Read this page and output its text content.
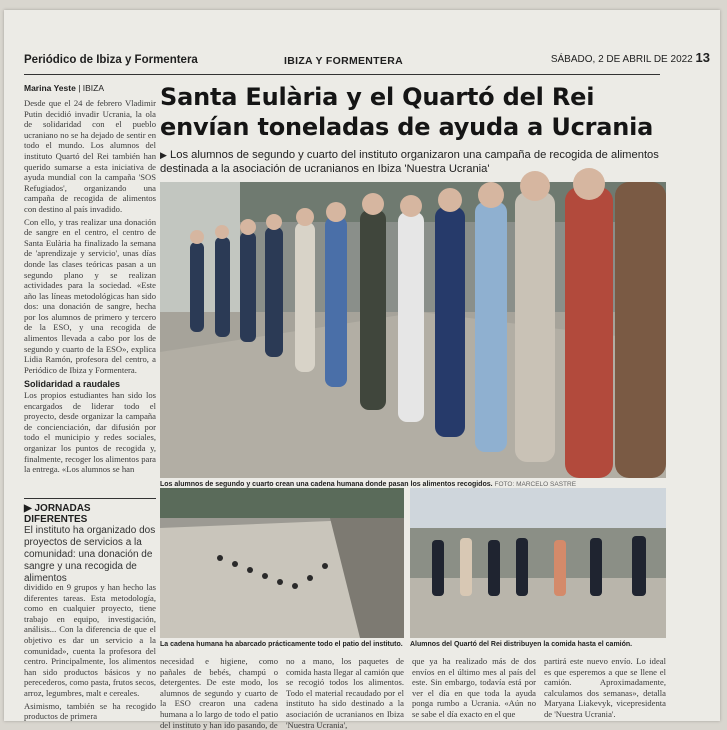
Periódico de Ibiza y Formentera	IBIZA Y FORMENTERA	SÁBADO, 2 DE ABRIL DE 2022 13
Marina Yeste | IBIZA

Desde que el 24 de febrero Vladimir Putin decidió invadir Ucrania, la ola de solidaridad con el pueblo ucraniano no se ha dejado de sentir en todo el mundo. Los alumnos del instituto Quartó del Rei también han querido sumarse a esta iniciativa de ayuda mundial con la campaña 'SOS Refugiados', organizando una campaña de recogida de alimentos con destino al país invadido.

Con ello, y tras realizar una donación de sangre en el centro, el centro de Santa Eulària ha finalizado la semana de 'aprendizaje y servicio', unas días donde las clases teóricas pasan a un segundo plano y se realizan actividades para la sociedad. «Este año las líneas metodológicas han sido dos: una donación de sangre, hecha por los alumnos de primero y tercero de la ESO, y una recogida de alimentos llevada a cabo por los de segundo y cuarto de la ESO», explica Lidia Ramón, profesora del centro, a Periódico de Ibiza y Formentera.

Solidaridad a raudales

Los propios estudiantes han sido los encargados de liderar todo el proyecto, desde organizar la campaña de concienciación, dar difusión por todo el municipio y redes sociales, organizar los puntos de recogida y, finalmente, recoger los alimentos para la entrega. «Los alumnos se han

Santa Eulària y el Quartó del Rei envían toneladas de ayuda a Ucrania
▶ Los alumnos de segundo y cuarto del instituto organizaron una campaña de recogida de alimentos destinada a la asociación de ucranianos en Ibiza 'Nuestra Ucrania'
Los alumnos de segundo y cuarto crean una cadena humana donde pasan los alimentos recogidos. FOTO: MARCELO SASTRE
▶ JORNADAS DIFERENTES
El instituto ha organizado dos proyectos de servicios a la comunidad: una donación de sangre y una recogida de alimentos

dividido en 9 grupos y han hecho las diferentes tareas. Esta metodología, como en cualquier proyecto, tiene trabajo en equipo, investigación, análisis... Con la diferencia de que el objetivo es dar un servicio a la comunidad», cuenta la profesora del centro. Principalmente, los alimentos han sido productos básicos y no perecederos, como pasta, frutos secos, arroz, legumbres, malt e cereales.

Asimismo, también se ha recogido productos de primera

La cadena humana ha abarcado prácticamente todo el patio del instituto. Alumnos del Quartó del Rei distribuyen la comida hasta el camión.
necesidad e higiene, como pañales de bebés, champú o detergentes. De este modo, los alumnos de segundo y cuarto de la ESO crearon una cadena humana a lo largo de todo el patio del instituto y han ido pasando, de
no a mano, los paquetes de comida hasta llegar al camión que se recogió todos los alimentos. Todo el material recaudado por el instituto ha sido destinado a la asociación de ucranianos en Ibiza 'Nuestra Ucrania',
que ya ha realizado más de dos envíos en el último mes al país del este. Sin embargo, todavía está por ver el día en que toda la ayuda ponga rumbo a Ucrania. «Aún no se sabe el día exacto en el que
partirá este nuevo envío. Lo ideal es que esperemos a que se llene el camión. Aproximadamente, calculamos dos semanas», detalla Maryana Liakevyk, vicepresidenta de 'Nuestra Ucrania'.
